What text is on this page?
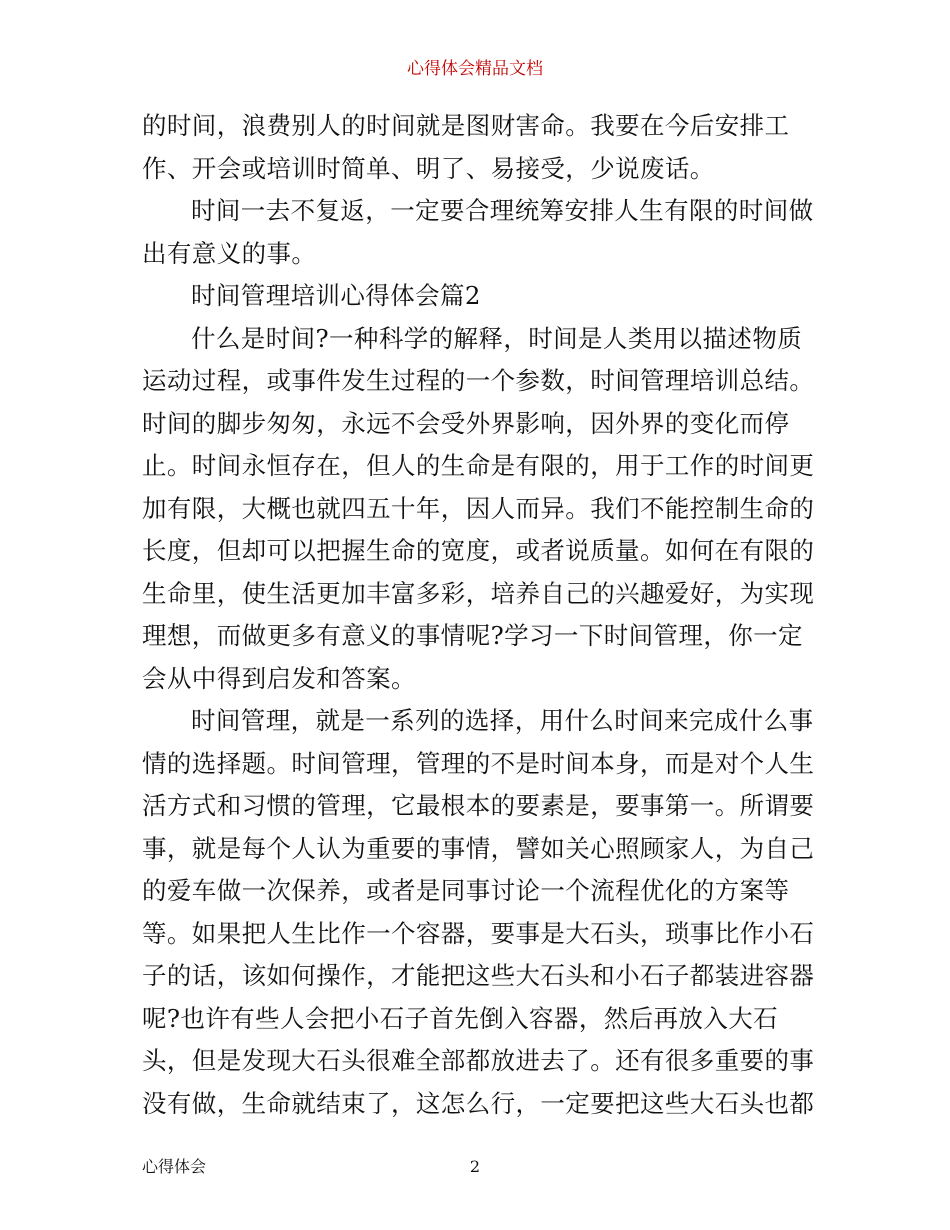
心得体会精品文档
的时间，浪费别人的时间就是图财害命。我要在今后安排工
作、开会或培训时简单、明了、易接受，少说废话。
时间一去不复返，一定要合理统筹安排人生有限的时间做
出有意义的事。
时间管理培训心得体会篇2
什么是时间?一种科学的解释，时间是人类用以描述物质
运动过程，或事件发生过程的一个参数，时间管理培训总结。
时间的脚步匆匆，永远不会受外界影响，因外界的变化而停
止。时间永恒存在，但人的生命是有限的，用于工作的时间更
加有限，大概也就四五十年，因人而异。我们不能控制生命的
长度，但却可以把握生命的宽度，或者说质量。如何在有限的
生命里，使生活更加丰富多彩，培养自己的兴趣爱好，为实现
理想，而做更多有意义的事情呢?学习一下时间管理，你一定
会从中得到启发和答案。
时间管理，就是一系列的选择，用什么时间来完成什么事
情的选择题。时间管理，管理的不是时间本身，而是对个人生
活方式和习惯的管理，它最根本的要素是，要事第一。所谓要
事，就是每个人认为重要的事情，譬如关心照顾家人，为自己
的爱车做一次保养，或者是同事讨论一个流程优化的方案等
等。如果把人生比作一个容器，要事是大石头，琐事比作小石
子的话，该如何操作，才能把这些大石头和小石子都装进容器
呢?也许有些人会把小石子首先倒入容器，然后再放入大石
头，但是发现大石头很难全部都放进去了。还有很多重要的事
没有做，生命就结束了，这怎么行，一定要把这些大石头也都
心得体会	2
